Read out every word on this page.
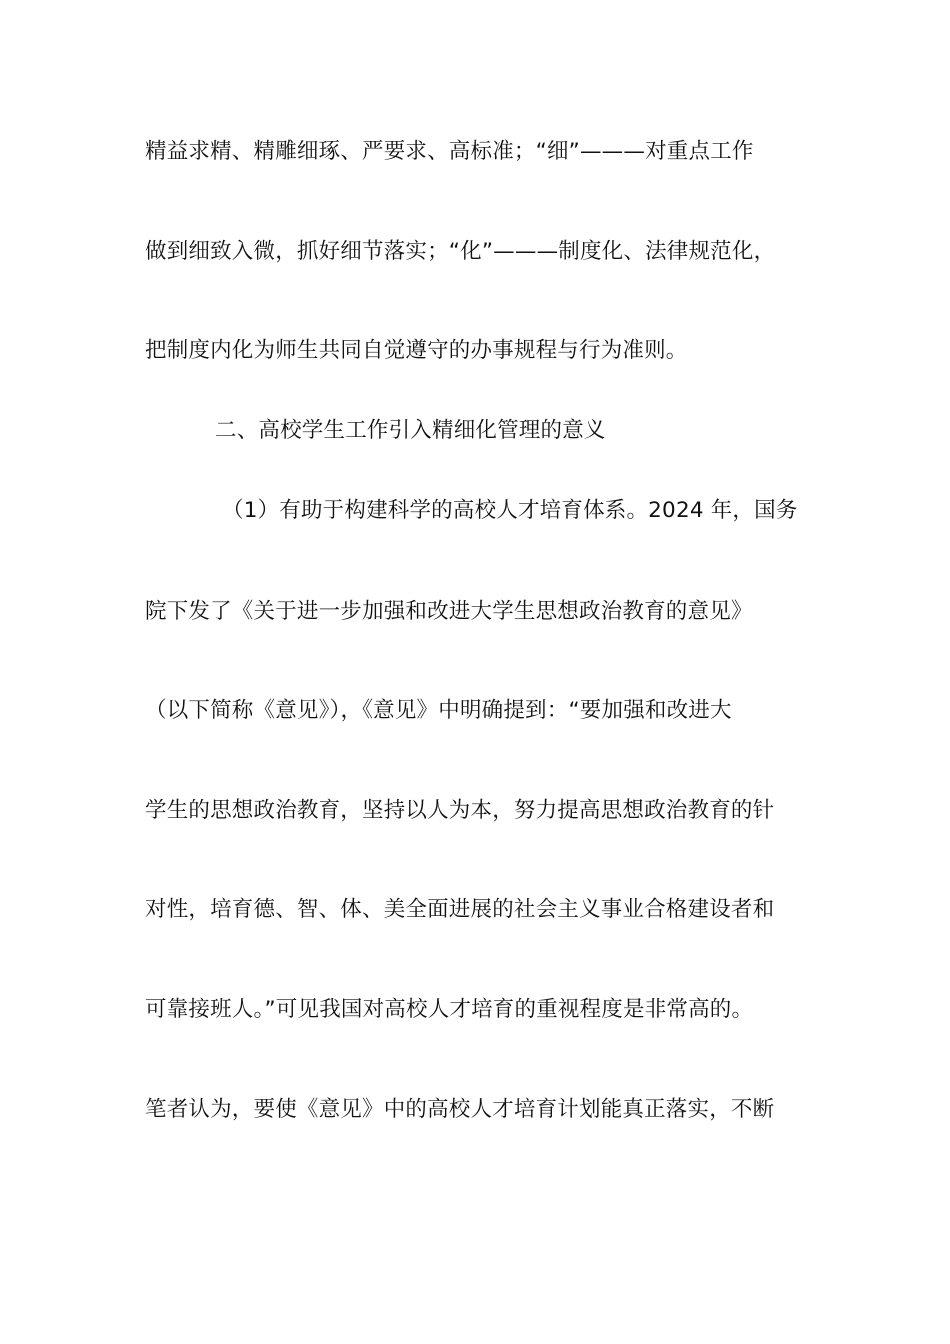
精益求精、精雕细琢、严要求、高标准；“细”———对重点工作
做到细致入微，抓好细节落实；“化”———制度化、法律规范化，
把制度内化为师生共同自觉遵守的办事规程与行为准则。
二、高校学生工作引入精细化管理的意义
（1）有助于构建科学的高校人才培育体系。2024 年，国务
院下发了《关于进一步加强和改进大学生思想政治教育的意见》
（以下简称《意见》），《意见》中明确提到：“要加强和改进大
学生的思想政治教育，坚持以人为本，努力提高思想政治教育的针
对性，培育德、智、体、美全面进展的社会主义事业合格建设者和
可靠接班人。”可见我国对高校人才培育的重视程度是非常高的。
笔者认为，要使《意见》中的高校人才培育计划能真正落实，不断
